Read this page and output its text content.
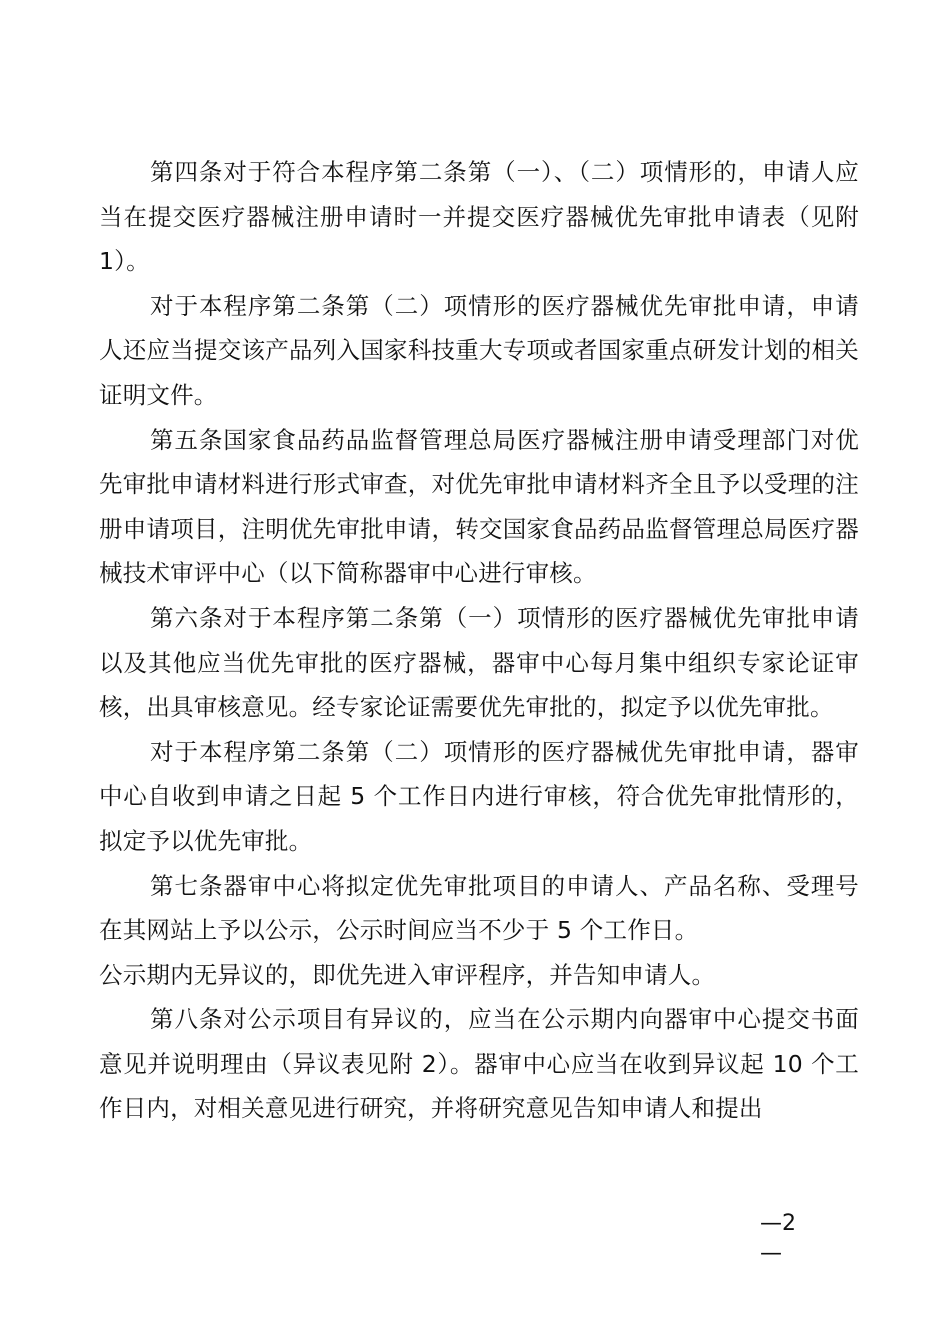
第四条对于符合本程序第二条第（一）、（二）项情形的，申请人应当在提交医疗器械注册申请时一并提交医疗器械优先审批申请表（见附 1）。

对于本程序第二条第（二）项情形的医疗器械优先审批申请，申请人还应当提交该产品列入国家科技重大专项或者国家重点研发计划的相关证明文件。

第五条国家食品药品监督管理总局医疗器械注册申请受理部门对优先审批申请材料进行形式审查，对优先审批申请材料齐全且予以受理的注册申请项目，注明优先审批申请，转交国家食品药品监督管理总局医疗器械技术审评中心（以下简称器审中心进行审核。

第六条对于本程序第二条第（一）项情形的医疗器械优先审批申请以及其他应当优先审批的医疗器械，器审中心每月集中组织专家论证审核，出具审核意见。经专家论证需要优先审批的，拟定予以优先审批。

对于本程序第二条第（二）项情形的医疗器械优先审批申请，器审中心自收到申请之日起 5 个工作日内进行审核，符合优先审批情形的，拟定予以优先审批。

第七条器审中心将拟定优先审批项目的申请人、产品名称、受理号在其网站上予以公示，公示时间应当不少于 5 个工作日。

公示期内无异议的，即优先进入审评程序，并告知申请人。

第八条对公示项目有异议的，应当在公示期内向器审中心提交书面意见并说明理由（异议表见附 2）。器审中心应当在收到异议起 10 个工作日内，对相关意见进行研究，并将研究意见告知申请人和提出

—2
—
